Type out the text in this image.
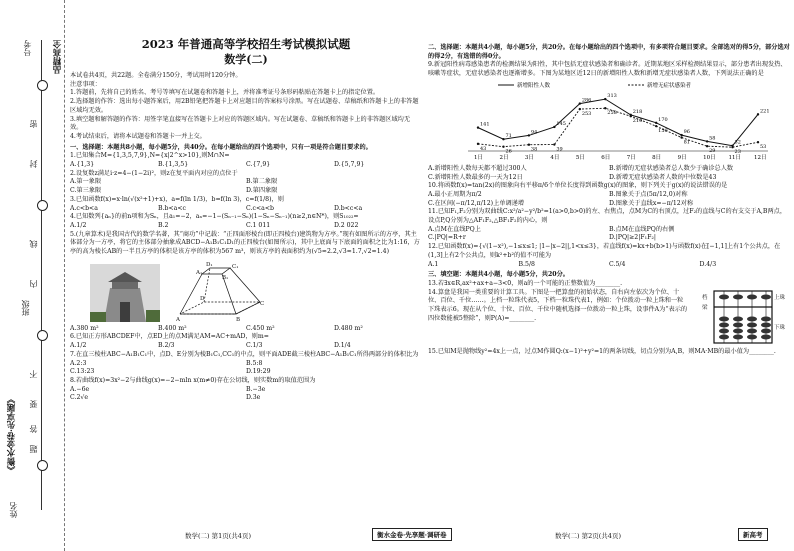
《衡水金卷·先享题》
姓名
班级
号考 品精高全
密
封
线
内
不
要
答
题
2023 年普通高等学校招生考试模拟试题
数学(二)

本试卷共4页，共22题。全卷满分150分，考试用时120分钟。

注意事项：

1.答题前，先将自己的姓名、考号等填写在试题卷和答题卡上，并将准考证号条形码粘贴在答题卡上的指定位置。

2.选择题的作答：选出每小题答案后，用2B铅笔把答题卡上对应题目的答案标号涂黑。写在试题卷、草稿纸和答题卡上的非答题区域均无效。

3.填空题和解答题的作答：用签字笔直接写在答题卡上对应的答题区域内。写在试题卷、草稿纸和答题卡上的非答题区域均无效。

4.考试结束后，请将本试题卷和答题卡一并上交。

一、选择题：本题共8小题，每小题5分，共40分。在每小题给出的四个选项中，只有一项是符合题目要求的。

1.已知集合M={1,3,5,7,9},N={x|2^x>10},则M∩N=

A.{1,3}	B.{1,3,5}	C.{7,9}	D.{5,7,9}

2.设复数z满足i·z=4−(1−2i)²，则z在复平面内对应的点位于

A.第一象限	B.第二象限
C.第三象限	D.第四象限

3.已知函数f(x)=x·ln(√(x²+1)+x)，a=f(ln 1/3)，b=f(ln 3)，c=f(1/8)，则

A.c<b<a	B.b<a<c	C.c<a<b	D.b<c<a

4.已知数列{aₙ}的前n项和为Sₙ，且a₁=−2，aₙ=−1−(Sₙ₋₁−Sₙ)(1−Sₙ−Sₙ₋₁)(n≥2,n∈N*)，则S₁₀₂₂=

A.1/2	B.2	C.1 011	D.2 022

5.(九章算术)是我国古代的数学名著，其“商功”中记载：“正四面形棱台(即正四棱台)建筑物为方亭。”现有如图所示的方亭，其主体部分为一方亭，将它的主体部分抽象成ABCD−A₁B₁C₁D₁的正四棱台(如图所示)，其中上底面与下底面的面积之比为1:16，方亭的高为棱长AB的一半且方亭的体积是该方亭的体积为567 m³，则该方亭的表面积约为(√5≈2.2,√3≈1.7,√2≈1.4)

A	B
C
D
A₁
B₁
C₁
D₁
A.380 m²	B.400 m²	C.450 m²	D.480 m²

6.已知正方形ABCDEF中，点ED上的点M满足AM=AC+mAD，则m=

A.1/2	B.2/3	C.1/3	D.1/4

7.在直三棱柱ABC−A₁B₁C₁中，点D、E分别为棱B₁C₁,CC₁的中点，则平面ADE截三棱柱ABC−A₁B₁C₁所得两部分的体积比为

A.2:3	B.5:8
C.13:23	D.19:29

8.若曲线f(x)=3x²−2与曲线g(x)=−2−mln x(m≠0)存在公切线，则实数m的取值范围为

A.−6e	B.−3e
C.2√e	D.3e
二、选择题：本题共4小题，每小题5分，共20分。在每小题给出的四个选项中，有多项符合题目要求。全部选对的得5分，部分选对的得2分，有选错的得0分。

9.新冠阳性病毒感染患者的检测结果为阳性，其中包括无症状感染者和确诊者。近期某地区采样检测结果显示，部分患者出现发热、咳嗽等症状，无症状感染者也逐渐增多。下图为某地区近12日的新增阳性人数和新增无症状感染者人数，下列说法正确的是

新增阳性人数	新增无症状感染者
141
71
94
145
286
313
218
170
96
58
32
221
43	26	38	39
253	258
210
150
81
29	23
53
1日	2日	3日	4日	5日	6日	7日	8日	9日	10日 11日 12日
A.新增阳性人数每天都不超过300人	B.新增的无症状感染者总人数少于确诊总人数
C.新增阳性人数最多的一天为12日	D.新增无症状感染者人数的中位数是43

10.将函数f(x)=tan(2x)的图象向右平移π/6个单位长度得到函数g(x)的图象，则下列关于g(x)的说法错误的是

A.最小正周期为π/2	B.图象关于点(5π/12,0)对称
C.在区间(−π/12,π/12)上单调递增	D.图象关于直线x=−π/12对称

11.已知F₁,F₂分别为双曲线C:x²/a²−y²/b²=1(a>0,b>0)的左、右焦点，点M为C的右顶点，过F₂的直线与C的右支交于A,B两点，设点P,Q分别为△AF₁F₂,△BF₁F₂的内心，则

A.点M在直线PQ上	B.点M在直线PQ的右侧
C.|PQ|=R+r	D.|PQ|≥2|F₁F₂|

12.已知函数f(x)={√(1−x²),−1≤x≤1; |1−|x−2||,1<x≤3}，若直线f(x)=kx+b(b>1)与函数f(x)在[−1,1]上有1个公共点，在(1,3]上有2个公共点，则k²+b²的值不可能为

A.1	B.5/8	C.5/4	D.4/3
三、填空题：本题共4小题，每小题5分，共20分。

13.若∃x∈R,ax²+ax+a−3<0，则a的一个可能的正整数值为________.

14.算盘是我国一类重要的计算工具。下图是一把算盘的初始状态，自右向左依次为个位、十位、百位、千位……。上档一粒珠代表5，下档一粒珠代表1，例如：个位拨动一粒上珠和一粒下珠表示6。现在从个位、十位、百位、千位中随机选择一位拨动一粒上珠，设事件A为“表示的四位数能被5整除”，则P(A)=________.

上珠
档
梁
下珠

15.已知M是抛物线y²=4x上一点，过点M作圆Q:(x−1)²+y²=1的两条切线，切点分别为A,B，则MA·MB的最小值为________.

数学(二) 第1页(共4页)	衡水金卷·先享题·调研卷	数学(二) 第2页(共4页)	新高考
